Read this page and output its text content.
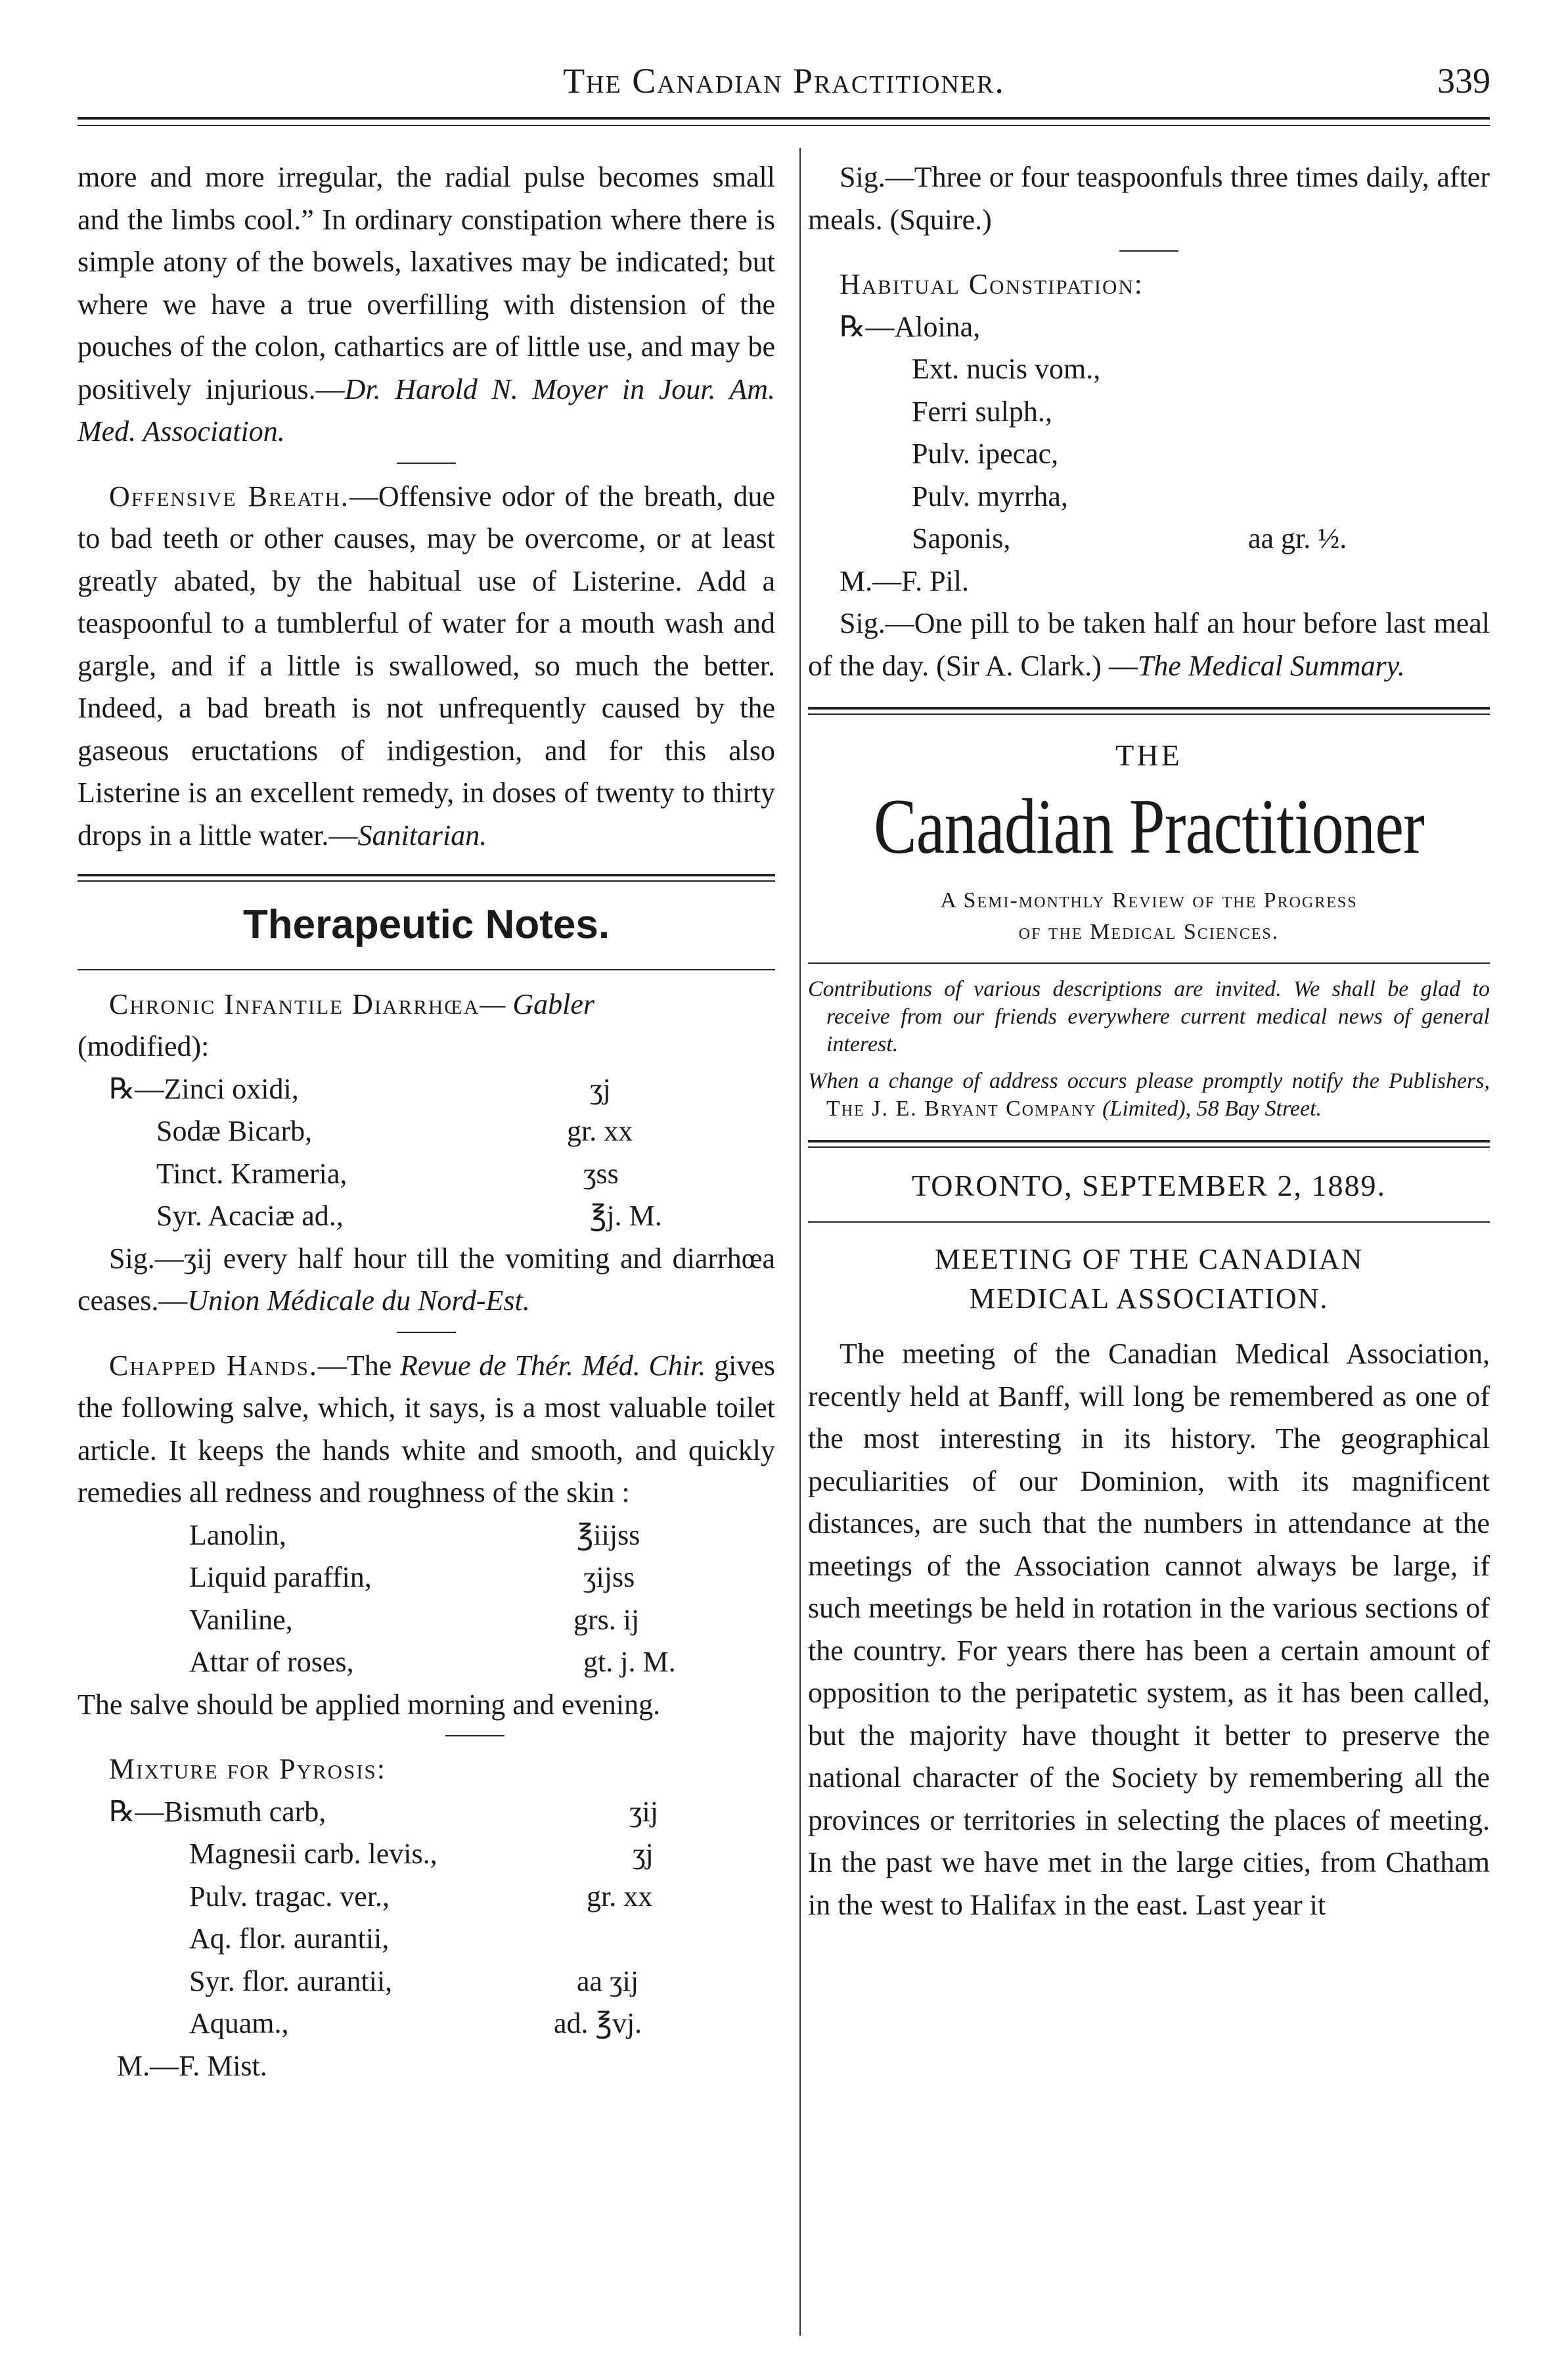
The Canadian Practitioner.	339

more and more irregular, the radial pulse becomes small and the limbs cool.” In ordinary constipation where there is simple atony of the bowels, laxatives may be indicated; but where we have a true overfilling with distension of the pouches of the colon, cathartics are of little use, and may be positively injurious.—Dr. Harold N. Moyer in Jour. Am. Med. Association.

Offensive Breath.—Offensive odor of the breath, due to bad teeth or other causes, may be overcome, or at least greatly abated, by the habitual use of Listerine. Add a teaspoonful to a tumblerful of water for a mouth wash and gargle, and if a little is swallowed, so much the better. Indeed, a bad breath is not unfrequently caused by the gaseous eructations of indigestion, and for this also Listerine is an excellent remedy, in doses of twenty to thirty drops in a little water.—Sanitarian.

Therapeutic Notes.

Chronic Infantile Diarrhœa— Gabler

(modified):

℞—Zinci oxidi,	ʒj
Sodæ Bicarb,	gr. xx
Tinct. Krameria,	ʒss
Syr. Acaciæ ad.,	℥j. M.

Sig.—ʒij every half hour till the vomiting and diarrhœa ceases.—Union Médicale du Nord-Est.

Chapped Hands.—The Revue de Thér. Méd. Chir. gives the following salve, which, it says, is a most valuable toilet article. It keeps the hands white and smooth, and quickly remedies all redness and roughness of the skin :

Lanolin,	℥iijss
Liquid paraffin,	ʒijss
Vaniline,	grs. ij
Attar of roses,	gt. j. M.

The salve should be applied morning and evening.

Mixture for Pyrosis:

℞—Bismuth carb,	ʒij
Magnesii carb. levis.,	ʒj
Pulv. tragac. ver.,	gr. xx
Aq. flor. aurantii,
Syr. flor. aurantii,	aa ʒij
Aquam.,	ad. ℥vj.
M.—F. Mist.

Sig.—Three or four teaspoonfuls three times daily, after meals. (Squire.)

Habitual Constipation:

℞—Aloina,
Ext. nucis vom.,
Ferri sulph.,
Pulv. ipecac,
Pulv. myrrha,
Saponis,	aa gr. ½.
M.—F. Pil.

Sig.—One pill to be taken half an hour before last meal of the day. (Sir A. Clark.) —The Medical Summary.

THE
Canadian Practitioner
A Semi-monthly Review of the Progress
of the Medical Sciences.

Contributions of various descriptions are invited. We shall be glad to receive from our friends everywhere current medical news of general interest.

When a change of address occurs please promptly notify the Publishers, The J. E. Bryant Company (Limited), 58 Bay Street.

TORONTO, SEPTEMBER 2, 1889.
MEETING OF THE CANADIAN
MEDICAL ASSOCIATION.

The meeting of the Canadian Medical Association, recently held at Banff, will long be remembered as one of the most interesting in its history. The geographical peculiarities of our Dominion, with its magnificent distances, are such that the numbers in attendance at the meetings of the Association cannot always be large, if such meetings be held in rotation in the various sections of the country. For years there has been a certain amount of opposition to the peripatetic system, as it has been called, but the majority have thought it better to preserve the national character of the Society by remembering all the provinces or territories in selecting the places of meeting. In the past we have met in the large cities, from Chatham in the west to Halifax in the east. Last year it
